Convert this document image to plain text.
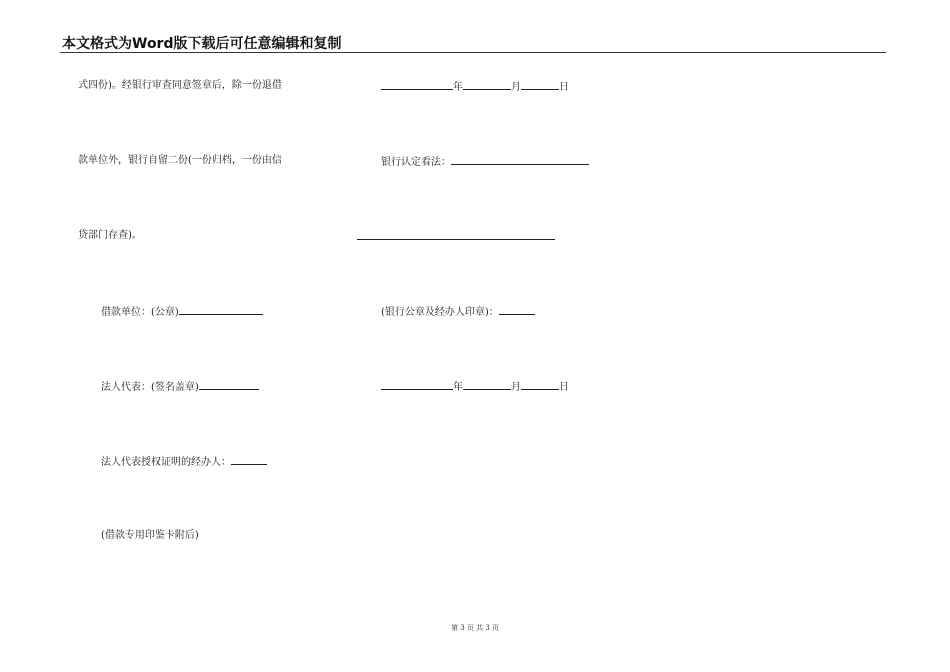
本文格式为Word版下载后可任意编辑和复制
式四份)。经银行审查同意签章后，除一份退借
款单位外，银行自留二份(一份归档，一份由信
贷部门存查)。
借款单位：(公章)
法人代表：(签名盖章)
法人代表授权证明的经办人：
(借款专用印鉴卡附后)
年	月	日
银行认定看法：
(银行公章及经办人印章)：
年	月	日
第 3 页 共 3 页
